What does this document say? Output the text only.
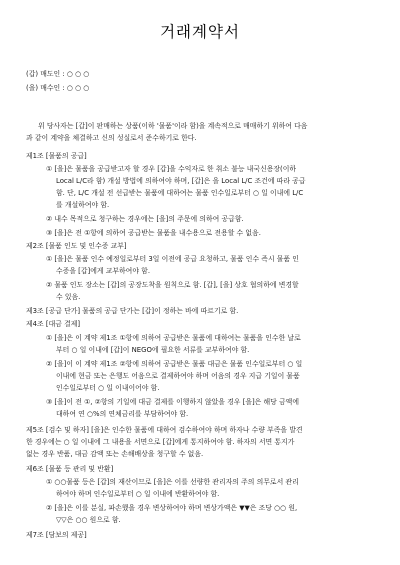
거래계약서
(갑) 매도인 : ○ ○ ○
(을) 매수인 : ○ ○ ○
위 당사자는 [갑]이 판매하는 상품(이하 '물품'이라 함)을 계속적으로 매매하기 위하여 다음
과 같이 계약을 체결하고 신의 성실로서 준수하기로 한다.
제1조 [물품의 공급]
① [을]은 물품을 공급받고자 할 경우 [갑]을 수익자로 한 취소 불능 내국신용장(이하
Local L/C라 함) 개설 방법에 의하여야 하며, [갑]은 을 Local L/C 조건에 따라 공급
함. 단, L/C 개설 전 선급받는 물품에 대하여는 물품 인수일로부터 ○ 일 이내에 L/C
를 개설하여야 함.
② 내수 목적으로 청구하는 경우에는 [을]의 주문에 의하여 공급함.
③ [을]은 전 ①항에 의하여 공급받는 물품을 내수용으로 전용할 수 없음.
제2조 [물품 인도 및 인수증 교부]
① [을]은 물품 인수 예정일로부터 3일 이전에 공급 요청하고, 물품 인수 즉시 물품 인
수증을 [갑]에게 교부하여야 함.
② 물품 인도 장소는 [갑]의 공장도착을 원칙으로 함. [갑], [을] 상호 협의하에 변경할
수 있음.
제3조 [공급 단가] 물품의 공급 단가는 [갑]이 정하는 바에 따르기로 함.
제4조 [대금 결제]
① [을]은 이 계약 제1조 ①항에 의하여 공급받은 물품에 대하여는 물품을 인수한 날로
부터 ○ 일 이내에 [갑]이 NEGO에 필요한 서류를 교부하여야 함.
② [을]이 이 계약 제1조 ②항에 의하여 공급받은 물품 대금은 물품 인수일로부터 ○ 일
이내에 현금 또는 은행도 어음으로 결제하여야 하며 어음의 경우 지급 기일이 물품
인수일로부터 ○ 일 이내이어야 함.
③ [을]이 전 ①, ②항의 기일에 대금 결제를 이행하지 않았을 경우 [을]은 해당 금액에
대하여 연 ○%의 연체금리를 부담하여야 함.
제5조 [검수 및 하자] [을]은 인수한 물품에 대하여 검수하여야 하며 하자나 수량 부족을 발견
한 경우에는 ○ 일 이내에 그 내용을 서면으로 [갑]에게 통지하여야 함. 하자의 서면 통지가
없는 경우 반품, 대금 감액 또는 손해배상을 청구할 수 없음.
제6조 [물품 등 관리 및 반환]
① ○○물품 등은 [갑]의 재산이므로 [을]은 이를 선량한 관리자의 주의 의무로서 관리
하여야 하며 인수일로부터 ○ 일 이내에 반환하여야 함.
② [을]은 이를 분실, 파손했을 경우 변상하여야 하며 변상가액은 ▼▼은 조당 ○○ 원,
▽▽은 ○○ 원으로 함.
제7조 [담보의 제공]
